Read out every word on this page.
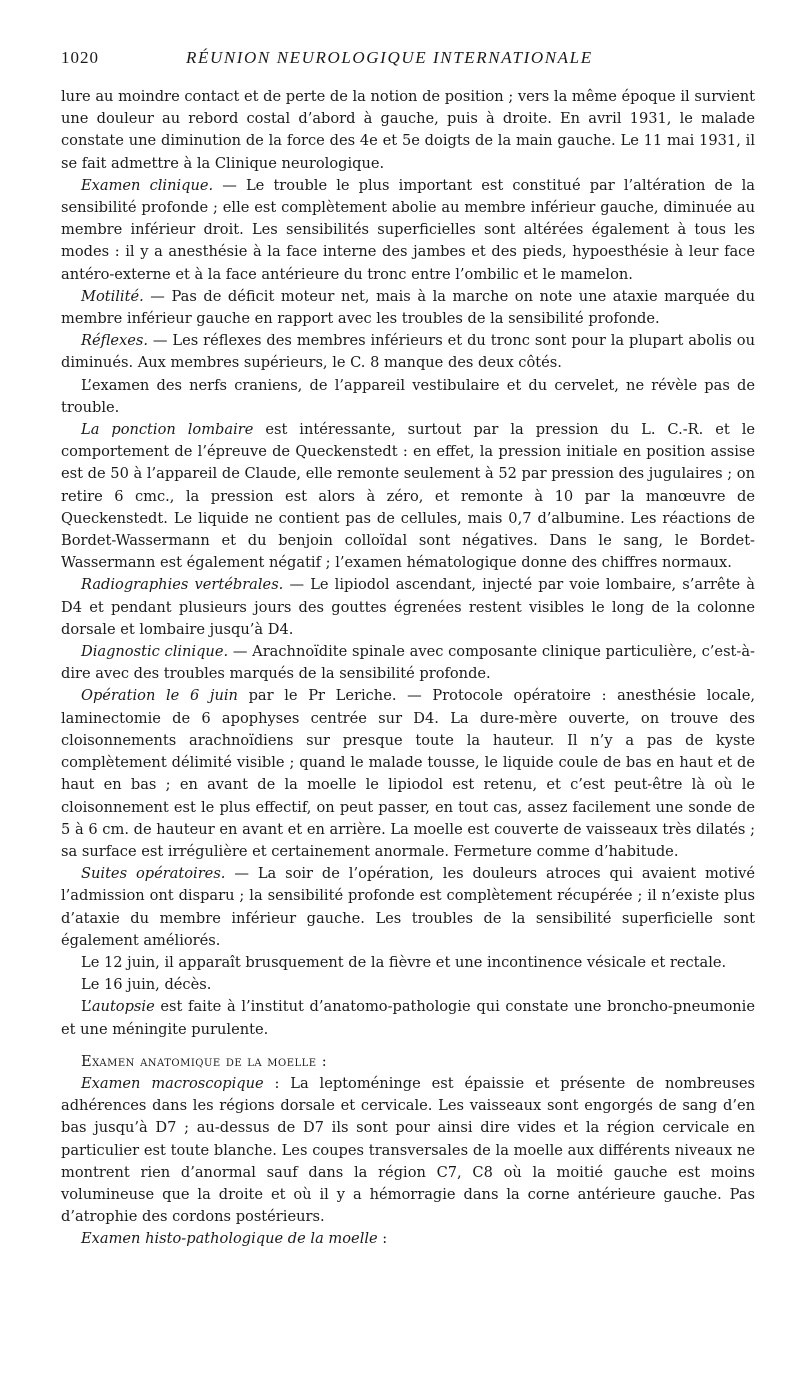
1020	RÉUNION NEUROLOGIQUE INTERNATIONALE

lure au moindre contact et de perte de la notion de position ; vers la même époque il survient une douleur au rebord costal d’abord à gauche, puis à droite. En avril 1931, le malade constate une diminution de la force des 4e et 5e doigts de la main gauche. Le 11 mai 1931, il se fait admettre à la Clinique neurologique.

Examen clinique. — Le trouble le plus important est constitué par l’altération de la sensibilité profonde ; elle est complètement abolie au membre inférieur gauche, diminuée au membre inférieur droit. Les sensibilités superficielles sont altérées également à tous les modes : il y a anesthésie à la face interne des jambes et des pieds, hypoesthésie à leur face antéro-externe et à la face antérieure du tronc entre l’ombilic et le mamelon.

Motilité. — Pas de déficit moteur net, mais à la marche on note une ataxie marquée du membre inférieur gauche en rapport avec les troubles de la sensibilité profonde.

Réflexes. — Les réflexes des membres inférieurs et du tronc sont pour la plupart abolis ou diminués. Aux membres supérieurs, le C. 8 manque des deux côtés.

L’examen des nerfs craniens, de l’appareil vestibulaire et du cervelet, ne révèle pas de trouble.

La ponction lombaire est intéressante, surtout par la pression du L. C.-R. et le comportement de l’épreuve de Queckenstedt : en effet, la pression initiale en position assise est de 50 à l’appareil de Claude, elle remonte seulement à 52 par pression des jugulaires ; on retire 6 cmc., la pression est alors à zéro, et remonte à 10 par la manœuvre de Queckenstedt. Le liquide ne contient pas de cellules, mais 0,7 d’albumine. Les réactions de Bordet-Wassermann et du benjoin colloïdal sont négatives. Dans le sang, le Bordet-Wassermann est également négatif ; l’examen hématologique donne des chiffres normaux.

Radiographies vertébrales. — Le lipiodol ascendant, injecté par voie lombaire, s’arrête à D4 et pendant plusieurs jours des gouttes égrenées restent visibles le long de la colonne dorsale et lombaire jusqu’à D4.

Diagnostic clinique. — Arachnoïdite spinale avec composante clinique particulière, c’est-à-dire avec des troubles marqués de la sensibilité profonde.

Opération le 6 juin par le Pr Leriche. — Protocole opératoire : anesthésie locale, laminectomie de 6 apophyses centrée sur D4. La dure-mère ouverte, on trouve des cloisonnements arachnoïdiens sur presque toute la hauteur. Il n’y a pas de kyste complètement délimité visible ; quand le malade tousse, le liquide coule de bas en haut et de haut en bas ; en avant de la moelle le lipiodol est retenu, et c’est peut-être là où le cloisonnement est le plus effectif, on peut passer, en tout cas, assez facilement une sonde de 5 à 6 cm. de hauteur en avant et en arrière. La moelle est couverte de vaisseaux très dilatés ; sa surface est irrégulière et certainement anormale. Fermeture comme d’habitude.

Suites opératoires. — La soir de l’opération, les douleurs atroces qui avaient motivé l’admission ont disparu ; la sensibilité profonde est complètement récupérée ; il n’existe plus d’ataxie du membre inférieur gauche. Les troubles de la sensibilité superficielle sont également améliorés.

Le 12 juin, il apparaît brusquement de la fièvre et une incontinence vésicale et rectale.

Le 16 juin, décès.

L’autopsie est faite à l’institut d’anatomo-pathologie qui constate une broncho-pneumonie et une méningite purulente.

Examen anatomique de la moelle :

Examen macroscopique : La leptoméninge est épaissie et présente de nombreuses adhérences dans les régions dorsale et cervicale. Les vaisseaux sont engorgés de sang d’en bas jusqu’à D7 ; au-dessus de D7 ils sont pour ainsi dire vides et la région cervicale en particulier est toute blanche. Les coupes transversales de la moelle aux différents niveaux ne montrent rien d’anormal sauf dans la région C7, C8 où la moitié gauche est moins volumineuse que la droite et où il y a hémorragie dans la corne antérieure gauche. Pas d’atrophie des cordons postérieurs.

Examen histo-pathologique de la moelle :
